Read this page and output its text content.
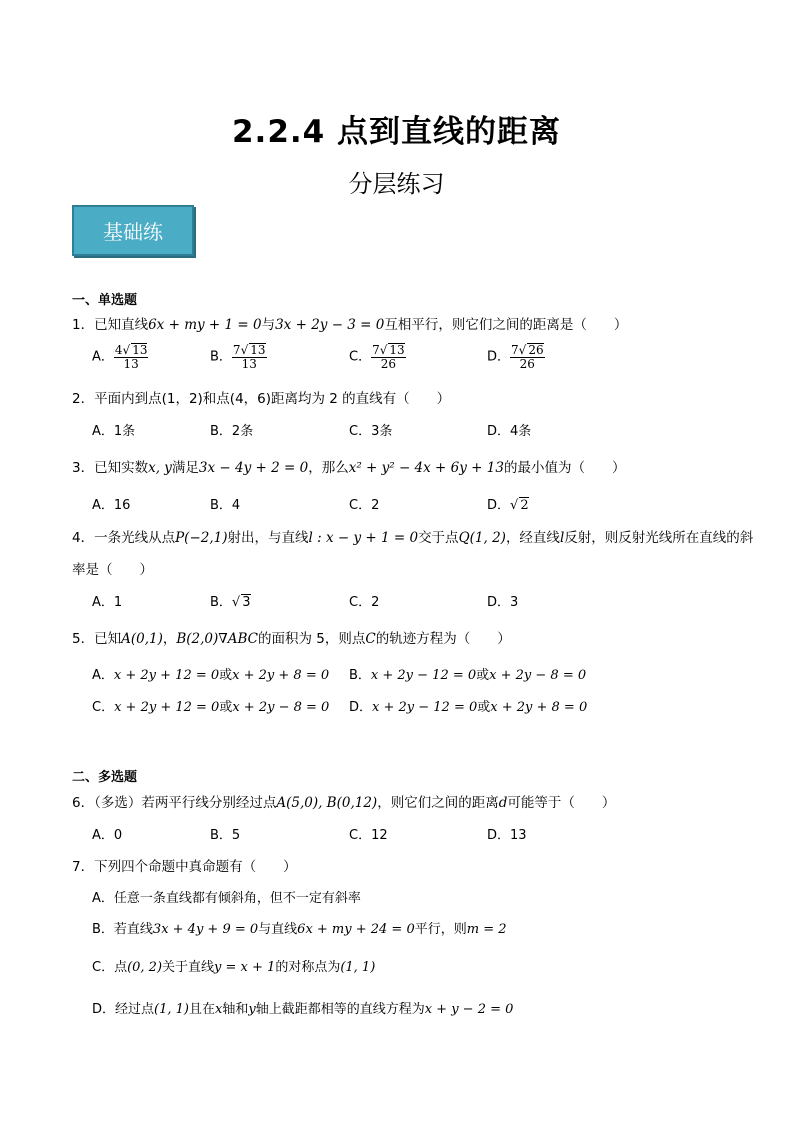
2.2.4 点到直线的距离
分层练习
基础练
一、单选题
1．已知直线6x + my + 1 = 0与3x + 2y − 3 = 0互相平行，则它们之间的距离是（　　）
A． $\frac{4√ 13}{13}$	B． $\frac{7√ 13}{13}$	C． $\frac{7√ 13}{26}$	D． $\frac{7√ 26}{26}$
2．平面内到点(1，2)和点(4，6)距离均为 2 的直线有（　　）
A．1条	B．2条	C．3条	D．4条
3．已知实数x, y满足3x − 4y + 2 = 0，那么x² + y² − 4x + 6y + 13的最小值为（　　）
A．16	B．4	C．2	D．√ 2
4．一条光线从点P(−2,1)射出，与直线l : x − y + 1 = 0交于点Q(1, 2)，经直线l反射，则反射光线所在直线的斜
率是（　　）
A．1	B．√ 3	C．2	D．3
5．已知A(0,1)，B(2,0)∇ABC的面积为 5，则点C的轨迹方程为（　　）
A．x + 2y + 12 = 0或x + 2y + 8 = 0 B．x + 2y − 12 = 0或x + 2y − 8 = 0
C．x + 2y + 12 = 0或x + 2y − 8 = 0 D．x + 2y − 12 = 0或x + 2y + 8 = 0
二、多选题
6．（多选）若两平行线分别经过点A(5,0), B(0,12)，则它们之间的距离d可能等于（　　）
A．0	B．5	C．12	D．13
7．下列四个命题中真命题有（　　）
A．任意一条直线都有倾斜角，但不一定有斜率
B．若直线3x + 4y + 9 = 0与直线6x + my + 24 = 0平行，则m = 2
C．点(0, 2)关于直线y = x + 1的对称点为(1, 1)
D．经过点(1, 1)且在x轴和y轴上截距都相等的直线方程为x + y − 2 = 0
